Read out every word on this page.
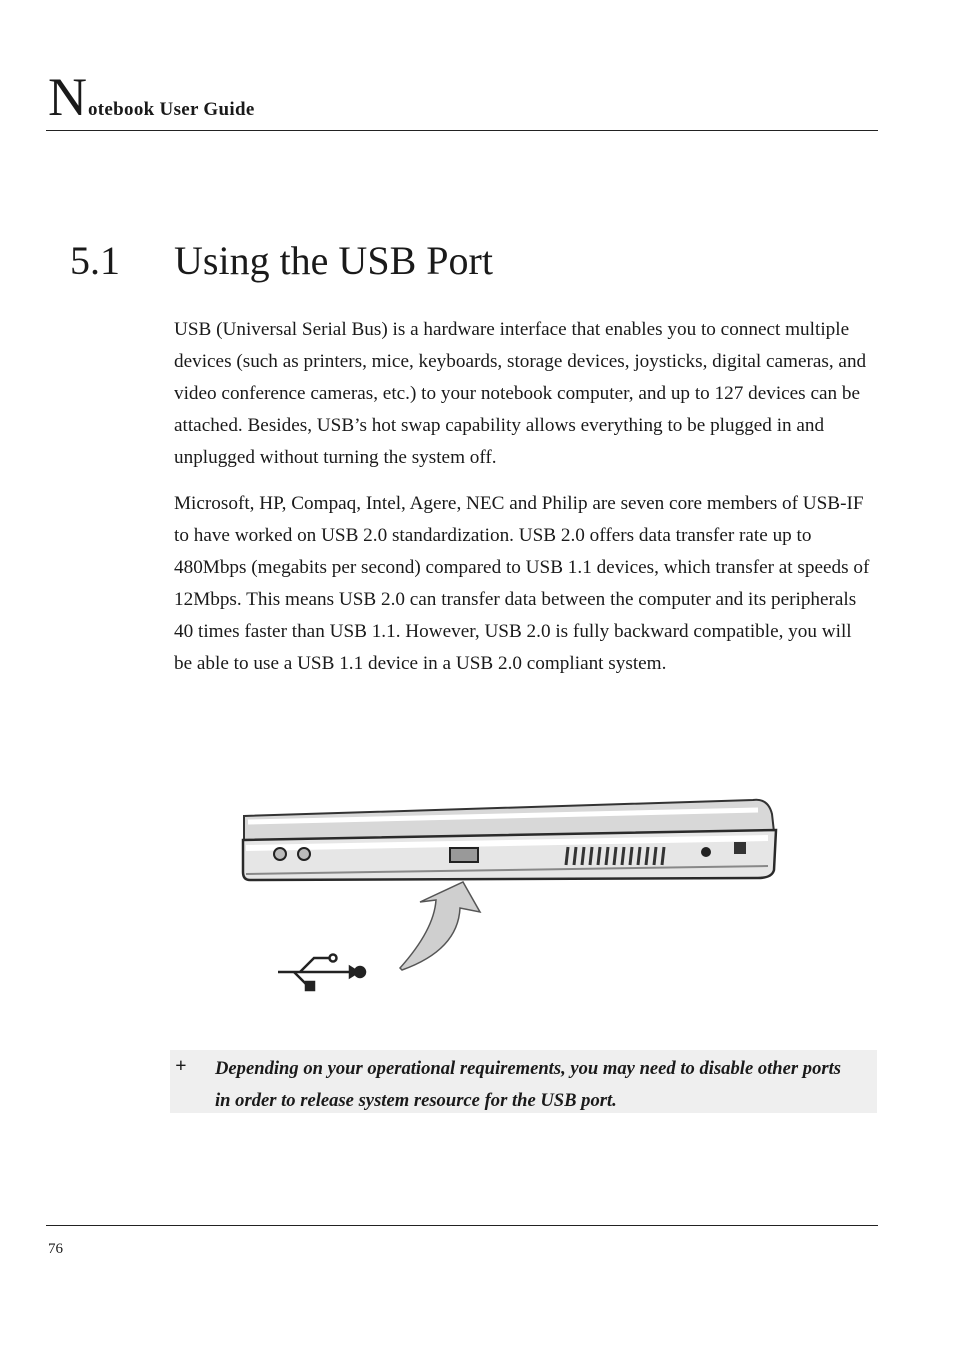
Notebook User Guide
5.1 Using the USB Port

USB (Universal Serial Bus) is a hardware interface that enables you to connect multiple devices (such as printers, mice, keyboards, storage devices, joysticks, digital cameras, and video conference cameras, etc.) to your notebook computer, and up to 127 devices can be attached. Besides, USB’s hot swap capability allows everything to be plugged in and unplugged without turning the system off.

Microsoft, HP, Compaq, Intel, Agere, NEC and Philip are seven core members of USB-IF to have worked on USB 2.0 standardization. USB 2.0 offers data transfer rate up to 480Mbps (megabits per second) compared to USB 1.1 devices, which transfer at speeds of 12Mbps. This means USB 2.0 can transfer data between the computer and its peripherals 40 times faster than USB 1.1. However, USB 2.0 is fully backward compatible, you will be able to use a USB 1.1 device in a USB 2.0 compliant system.

+ Depending on your operational requirements, you may need to disable other ports in order to release system resource for the USB port.
76
